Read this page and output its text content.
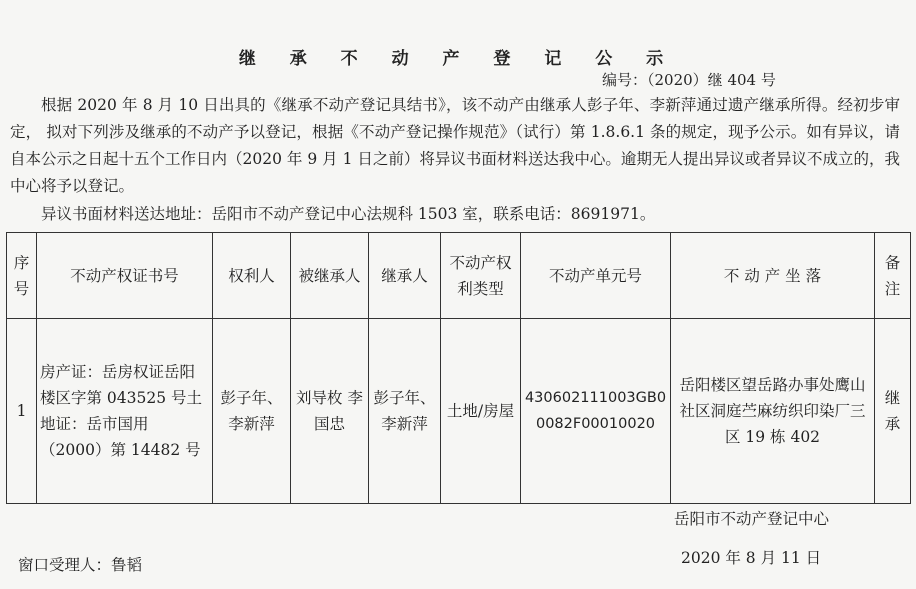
继 承 不 动 产 登 记 公 示
编号：（2020）继 404 号

根据 2020 年 8 月 10 日出具的《继承不动产登记具结书》，该不动产由继承人彭子年、李新萍通过遗产继承所得。经初步审定， 拟对下列涉及继承的不动产予以登记，根据《不动产登记操作规范》（试行）第 1.8.6.1 条的规定，现予公示。如有异议，请自本公示之日起十五个工作日内（2020 年 9 月 1 日之前）将异议书面材料送达我中心。逾期无人提出异议或者异议不成立的，我中心将予以登记。

异议书面材料送达地址：岳阳市不动产登记中心法规科 1503 室，联系电话：8691971。

序号	不动产权证书号	权利人	被继承人	继承人	不动产权利类型	不动产单元号	不 动 产 坐 落	备注
1	房产证：岳房权证岳阳楼区字第 043525 号土地证：岳市国用（2000）第 14482 号	彭子年、李新萍	刘导枚 李国忠	彭子年、李新萍	土地/房屋	430602111003GB00082F00010020	岳阳楼区望岳路办事处鹰山社区洞庭苎麻纺织印染厂三区 19 栋 402	继承
岳阳市不动产登记中心
窗口受理人：鲁韬	2020 年 8 月 11 日
